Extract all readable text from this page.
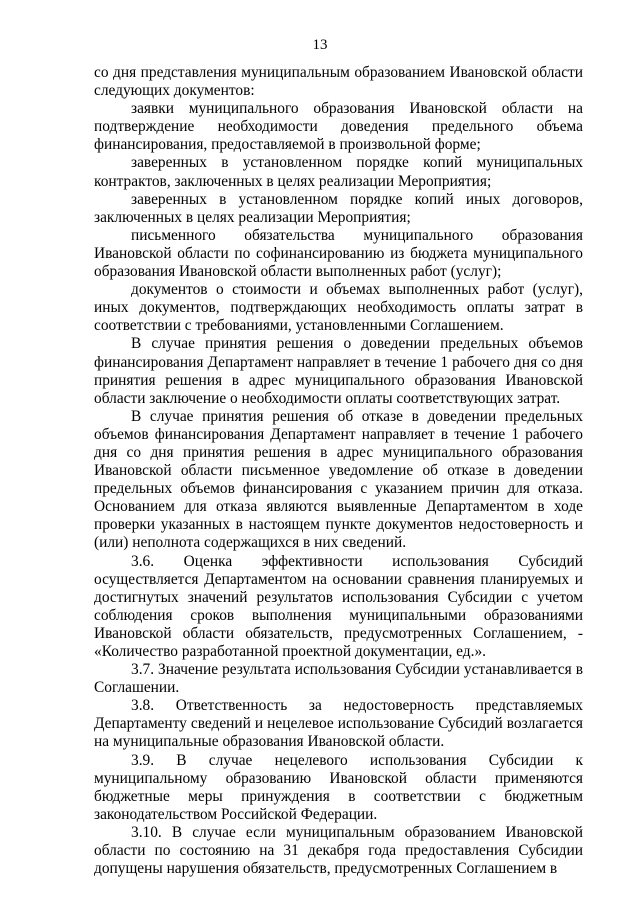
13

со дня представления муниципальным образованием Ивановской области следующих документов:

заявки муниципального образования Ивановской области на подтверждение необходимости доведения предельного объема финансирования, предоставляемой в произвольной форме;

заверенных в установленном порядке копий муниципальных контрактов, заключенных в целях реализации Мероприятия;

заверенных в установленном порядке копий иных договоров, заключенных в целях реализации Мероприятия;

письменного обязательства муниципального образования Ивановской области по софинансированию из бюджета муниципального образования Ивановской области выполненных работ (услуг);

документов о стоимости и объемах выполненных работ (услуг), иных документов, подтверждающих необходимость оплаты затрат в соответствии с требованиями, установленными Соглашением.

В случае принятия решения о доведении предельных объемов финансирования Департамент направляет в течение 1 рабочего дня со дня принятия решения в адрес муниципального образования Ивановской области заключение о необходимости оплаты соответствующих затрат.

В случае принятия решения об отказе в доведении предельных объемов финансирования Департамент направляет в течение 1 рабочего дня со дня принятия решения в адрес муниципального образования Ивановской области письменное уведомление об отказе в доведении предельных объемов финансирования с указанием причин для отказа. Основанием для отказа являются выявленные Департаментом в ходе проверки указанных в настоящем пункте документов недостоверность и (или) неполнота содержащихся в них сведений.

3.6. Оценка эффективности использования Субсидий осуществляется Департаментом на основании сравнения планируемых и достигнутых значений результатов использования Субсидии с учетом соблюдения сроков выполнения муниципальными образованиями Ивановской области обязательств, предусмотренных Соглашением, - «Количество разработанной проектной документации, ед.».

3.7. Значение результата использования Субсидии устанавливается в Соглашении.

3.8. Ответственность за недостоверность представляемых Департаменту сведений и нецелевое использование Субсидий возлагается на муниципальные образования Ивановской области.

3.9. В случае нецелевого использования Субсидии к муниципальному образованию Ивановской области применяются бюджетные меры принуждения в соответствии с бюджетным законодательством Российской Федерации.

3.10. В случае если муниципальным образованием Ивановской области по состоянию на 31 декабря года предоставления Субсидии допущены нарушения обязательств, предусмотренных Соглашением в
